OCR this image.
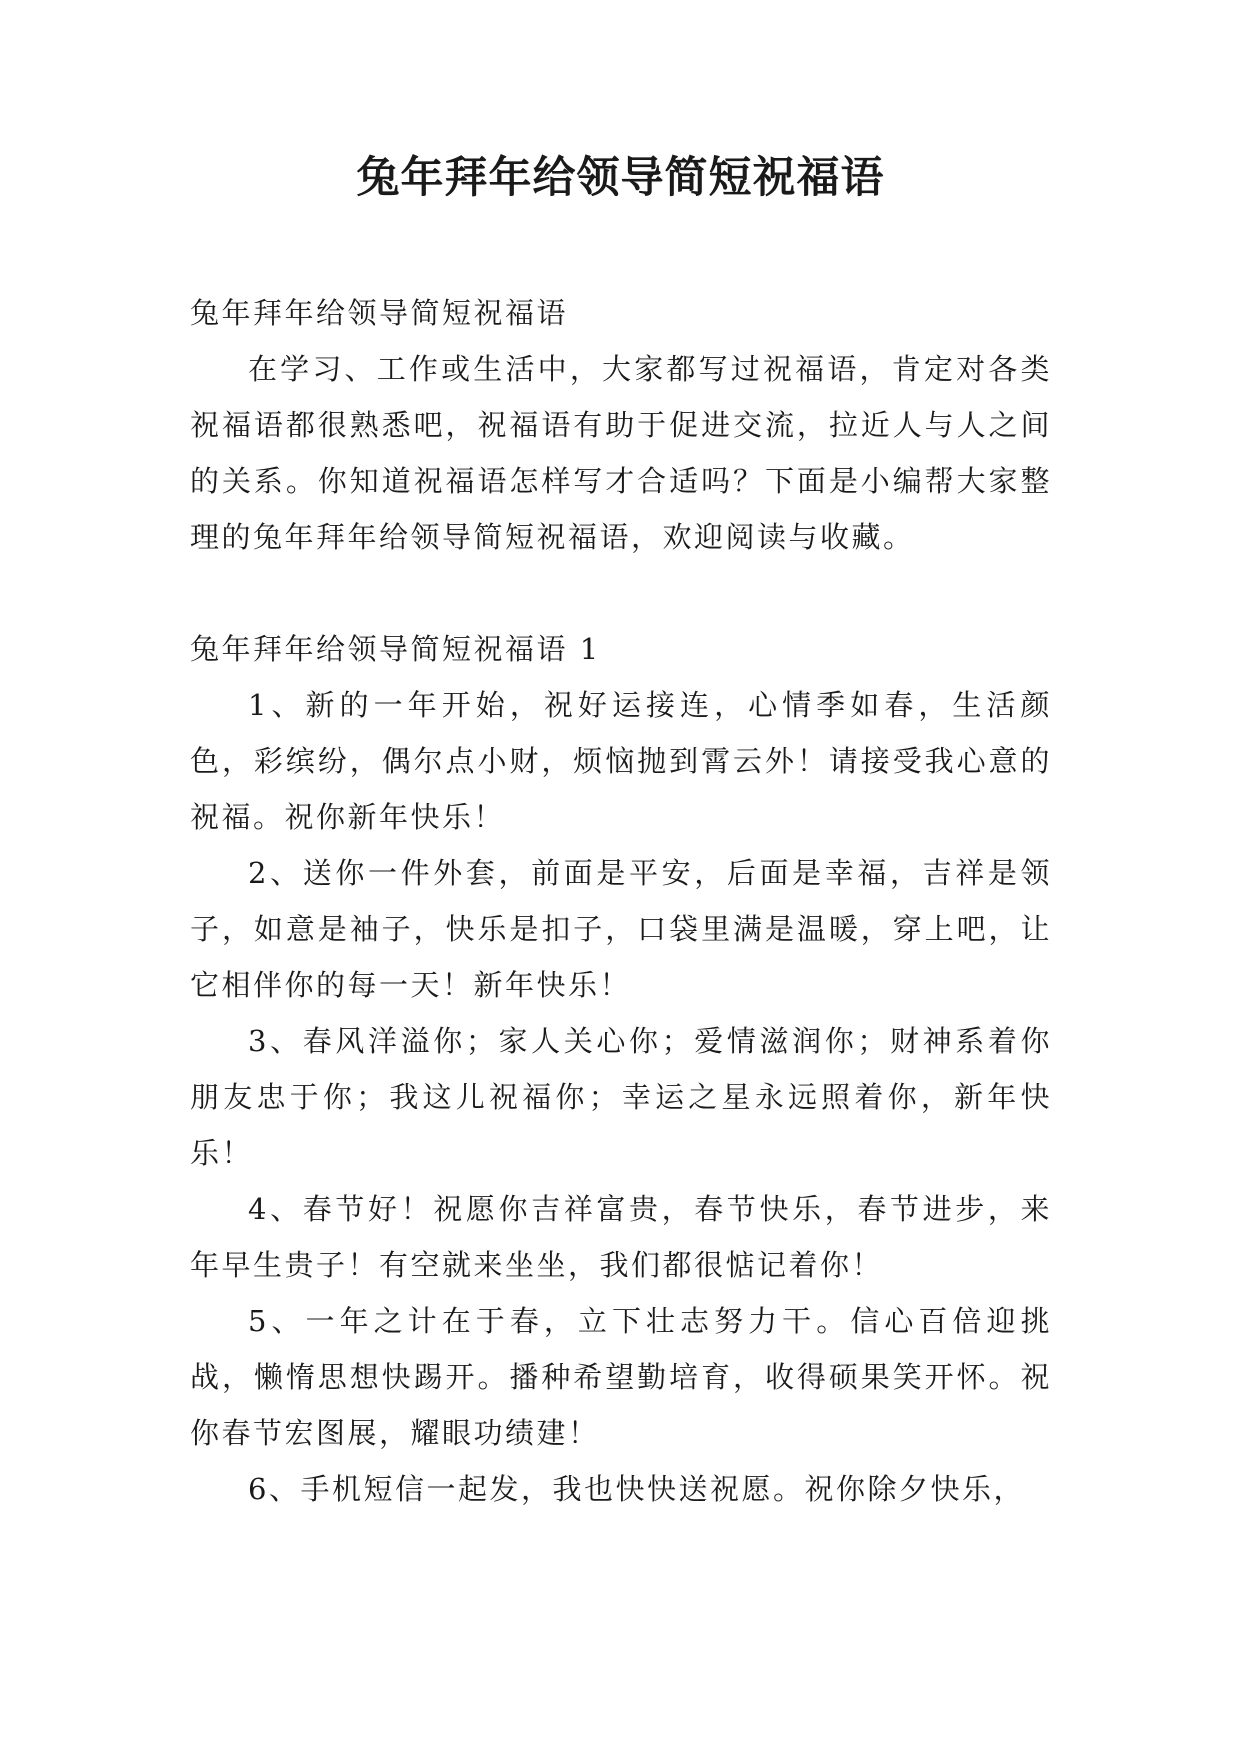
兔年拜年给领导简短祝福语

兔年拜年给领导简短祝福语

在学习、工作或生活中，大家都写过祝福语，肯定对各类祝福语都很熟悉吧，祝福语有助于促进交流，拉近人与人之间的关系。你知道祝福语怎样写才合适吗？下面是小编帮大家整理的兔年拜年给领导简短祝福语，欢迎阅读与收藏。

兔年拜年给领导简短祝福语 1

1、新的一年开始，祝好运接连，心情季如春，生活颜色，彩缤纷，偶尔点小财，烦恼抛到霄云外！请接受我心意的祝福。祝你新年快乐！

2、送你一件外套，前面是平安，后面是幸福，吉祥是领子，如意是袖子，快乐是扣子，口袋里满是温暖，穿上吧，让它相伴你的每一天！新年快乐！

3、春风洋溢你；家人关心你；爱情滋润你；财神系着你朋友忠于你；我这儿祝福你；幸运之星永远照着你，新年快乐！

4、春节好！祝愿你吉祥富贵，春节快乐，春节进步，来年早生贵子！有空就来坐坐，我们都很惦记着你！

5、一年之计在于春，立下壮志努力干。信心百倍迎挑战，懒惰思想快踢开。播种希望勤培育，收得硕果笑开怀。祝你春节宏图展，耀眼功绩建！

6、手机短信一起发，我也快快送祝愿。祝你除夕快乐，
